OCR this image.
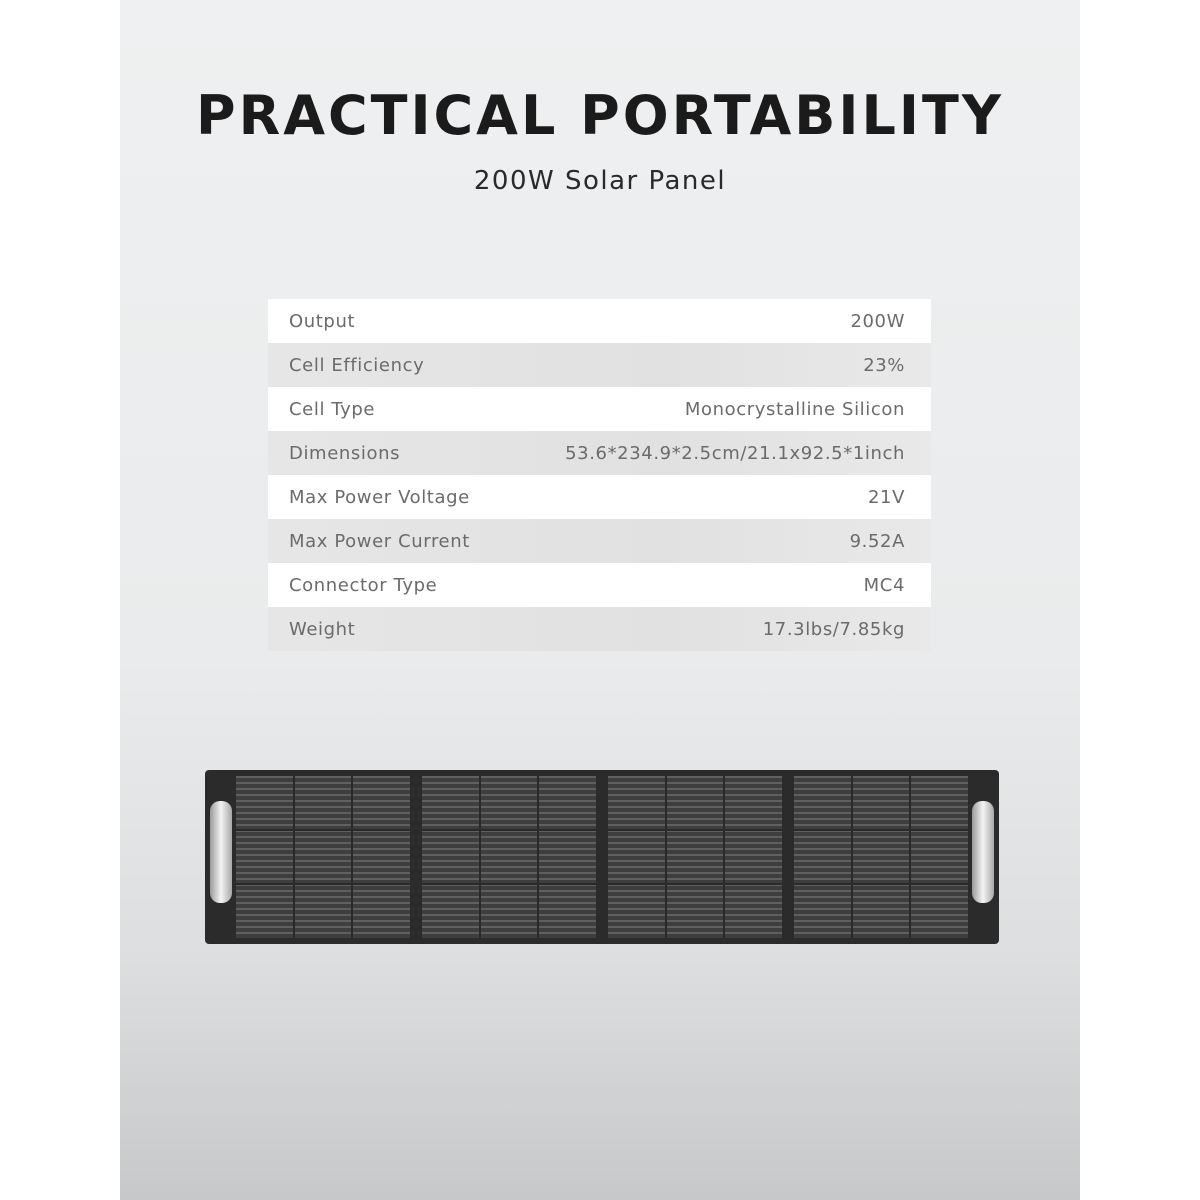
PRACTICAL PORTABILITY

200W Solar Panel

Output	200W
Cell Efficiency	23%
Cell Type	Monocrystalline Silicon
Dimensions	53.6*234.9*2.5cm/21.1x92.5*1inch
Max Power Voltage	21V
Max Power Current	9.52A
Connector Type	MC4
Weight	17.3lbs/7.85kg
